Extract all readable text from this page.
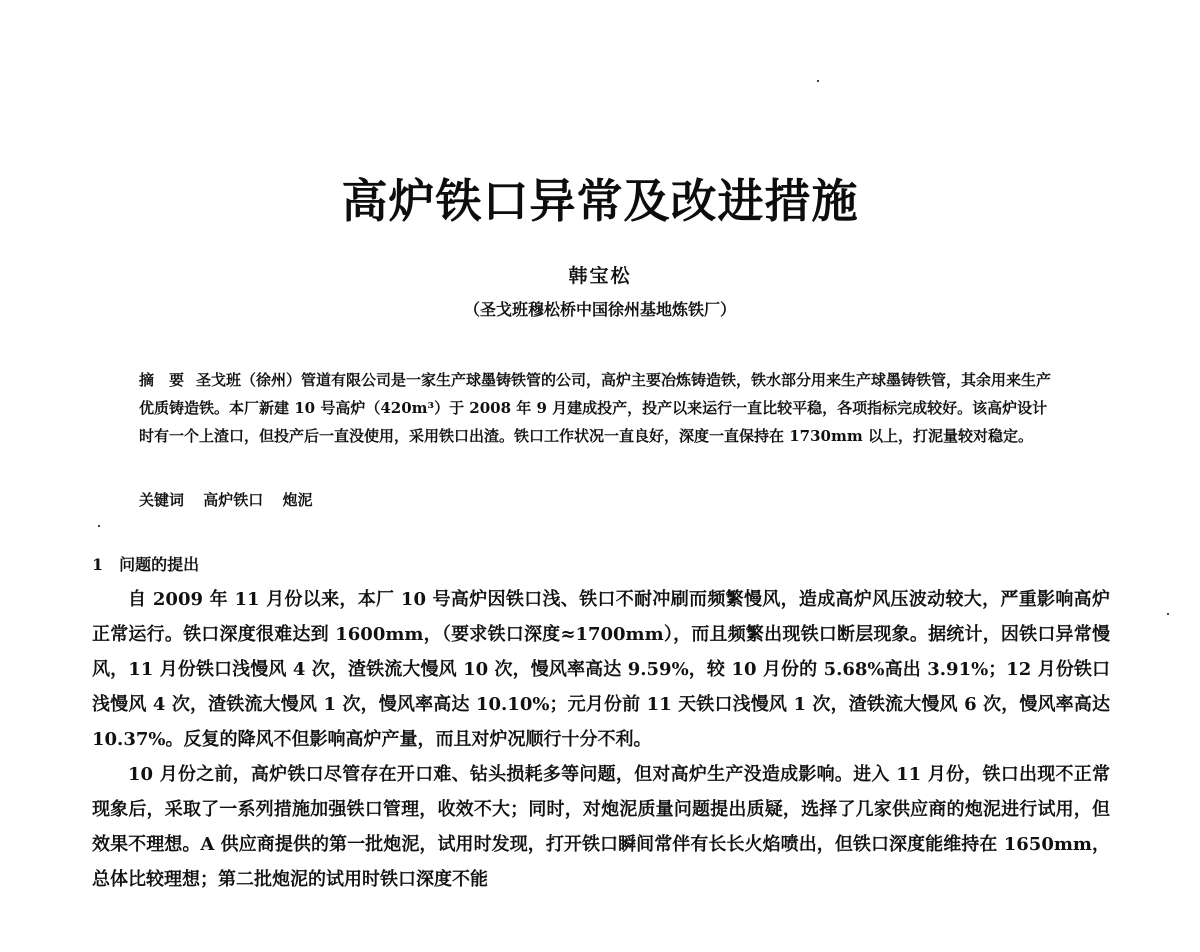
高炉铁口异常及改进措施
韩宝松
（圣戈班穆松桥中国徐州基地炼铁厂）
摘　要 圣戈班（徐州）管道有限公司是一家生产球墨铸铁管的公司，高炉主要冶炼铸造铁，铁水部分用来生产球墨铸铁管，其余用来生产优质铸造铁。本厂新建 10 号高炉（420m³）于 2008 年 9 月建成投产，投产以来运行一直比较平稳，各项指标完成较好。该高炉设计时有一个上渣口，但投产后一直没使用，采用铁口出渣。铁口工作状况一直良好，深度一直保持在 1730mm 以上，打泥量较对稳定。
关键词 高炉铁口 炮泥
1 问题的提出

自 2009 年 11 月份以来，本厂 10 号高炉因铁口浅、铁口不耐冲刷而频繁慢风，造成高炉风压波动较大，严重影响高炉正常运行。铁口深度很难达到 1600mm，（要求铁口深度≈1700mm），而且频繁出现铁口断层现象。据统计，因铁口异常慢风，11 月份铁口浅慢风 4 次，渣铁流大慢风 10 次，慢风率高达 9.59%，较 10 月份的 5.68%高出 3.91%；12 月份铁口浅慢风 4 次，渣铁流大慢风 1 次，慢风率高达 10.10%；元月份前 11 天铁口浅慢风 1 次，渣铁流大慢风 6 次，慢风率高达 10.37%。反复的降风不但影响高炉产量，而且对炉况顺行十分不利。

10 月份之前，高炉铁口尽管存在开口难、钻头损耗多等问题，但对高炉生产没造成影响。进入 11 月份，铁口出现不正常现象后，采取了一系列措施加强铁口管理，收效不大；同时，对炮泥质量问题提出质疑，选择了几家供应商的炮泥进行试用，但效果不理想。A 供应商提供的第一批炮泥，试用时发现，打开铁口瞬间常伴有长长火焰喷出，但铁口深度能维持在 1650mm，总体比较理想；第二批炮泥的试用时铁口深度不能
